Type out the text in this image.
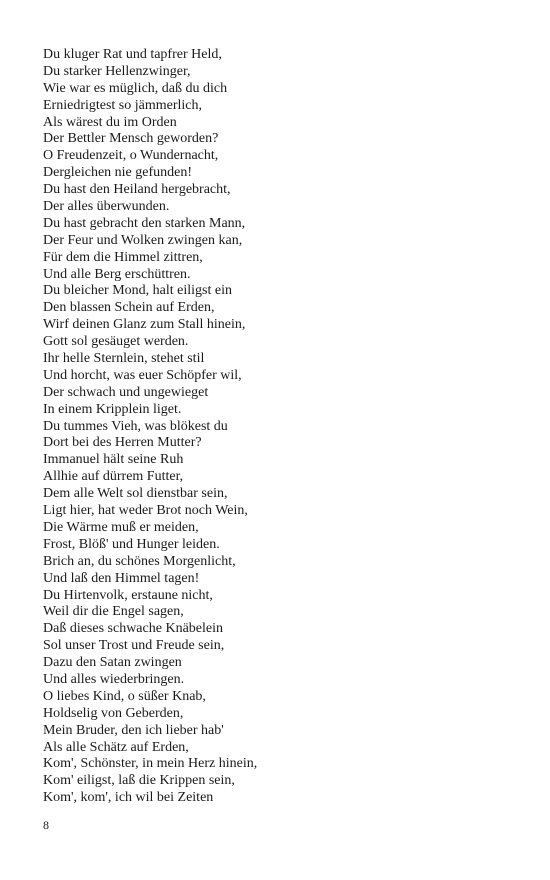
Du kluger Rat und tapfrer Held,
Du starker Hellenzwinger,
Wie war es müglich, daß du dich
Erniedrigtest so jämmerlich,
Als wärest du im Orden
Der Bettler Mensch geworden?
O Freudenzeit, o Wundernacht,
Dergleichen nie gefunden!
Du hast den Heiland hergebracht,
Der alles überwunden.
Du hast gebracht den starken Mann,
Der Feur und Wolken zwingen kan,
Für dem die Himmel zittren,
Und alle Berg erschüttren.
Du bleicher Mond, halt eiligst ein
Den blassen Schein auf Erden,
Wirf deinen Glanz zum Stall hinein,
Gott sol gesäuget werden.
Ihr helle Sternlein, stehet stil
Und horcht, was euer Schöpfer wil,
Der schwach und ungewieget
In einem Kripplein liget.
Du tummes Vieh, was blökest du
Dort bei des Herren Mutter?
Immanuel hält seine Ruh
Allhie auf dürrem Futter,
Dem alle Welt sol dienstbar sein,
Ligt hier, hat weder Brot noch Wein,
Die Wärme muß er meiden,
Frost, Blöß' und Hunger leiden.
Brich an, du schönes Morgenlicht,
Und laß den Himmel tagen!
Du Hirtenvolk, erstaune nicht,
Weil dir die Engel sagen,
Daß dieses schwache Knäbelein
Sol unser Trost und Freude sein,
Dazu den Satan zwingen
Und alles wiederbringen.
O liebes Kind, o süßer Knab,
Holdselig von Geberden,
Mein Bruder, den ich lieber hab'
Als alle Schätz auf Erden,
Kom', Schönster, in mein Herz hinein,
Kom' eiligst, laß die Krippen sein,
Kom', kom', ich wil bei Zeiten
8
